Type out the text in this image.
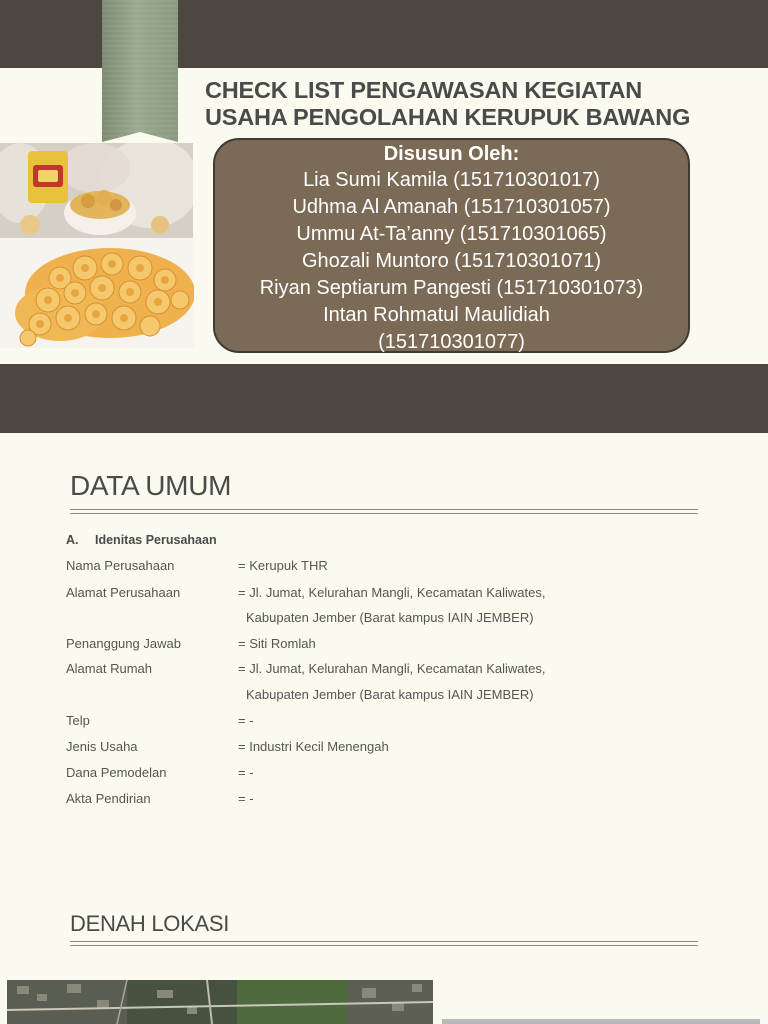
CHECK LIST PENGAWASAN KEGIATAN
USAHA PENGOLAHAN KERUPUK BAWANG
Disusun Oleh:
Lia Sumi Kamila (151710301017)
Udhma Al Amanah (151710301057)
Ummu At-Ta’anny (151710301065)
Ghozali Muntoro (151710301071)
Riyan Septiarum Pangesti (151710301073)
Intan Rohmatul Maulidiah
(151710301077)
DATA UMUM
A. Idenitas Perusahaan
Nama Perusahaan	= Kerupuk THR
Alamat Perusahaan	= Jl. Jumat, Kelurahan Mangli, Kecamatan Kaliwates,
Kabupaten Jember (Barat kampus IAIN JEMBER)
Penanggung Jawab	= Siti Romlah
Alamat Rumah	= Jl. Jumat, Kelurahan Mangli, Kecamatan Kaliwates,
Kabupaten Jember (Barat kampus IAIN JEMBER)
Telp	= -
Jenis Usaha	= Industri Kecil Menengah
Dana Pemodelan	= -
Akta Pendirian	= -
DENAH LOKASI
